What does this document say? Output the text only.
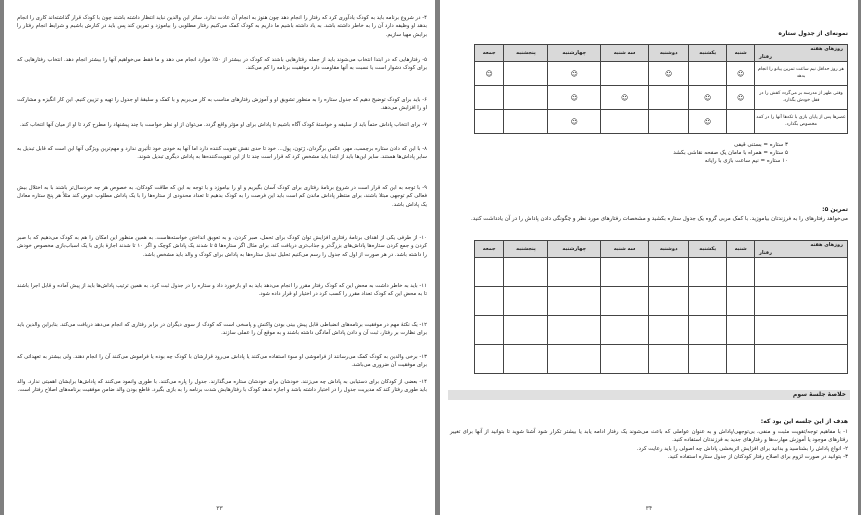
۴- در شروع برنامه باید به کودک یادآوری کرد که رفتار را انجام دهد چون هنوز به انجام آن عادت ندارد. سائر این والدین نباید انتظار داشته باشند چون با کودک قرار گذاشته‌اند کاری را انجام بدهد او وظیفه دارد آن را به خاطر داشته باشد. به یاد داشته باشیم ما داریم به کودک کمک می‌کنیم رفتار مطلوبی را بیاموزد و تمرین کند پس باید در کنارش باشیم و شرایط انجام رفتار را برایش مهیا سازیم.
۵- رفتارهایی که در ابتدا انتخاب می‌شوند باید از جمله رفتارهایی باشند که کودک در بیشتر از ۵۰٪ موارد انجام می دهد و ما فقط می‌خواهیم آنها را بیشتر انجام دهد. انتخاب رفتارهایی که برای کودک دشوار است یا نسبت به آنها مقاومت دارد موفقیت برنامه را کم می‌کند.
۶- باید برای کودک توضیح دهیم که جدول ستاره را به منظور تشویق او و آموزش رفتارهای مناسب به کار می‌بریم و با کمک و سلیقهٔ او جدول را تهیه و تزیین کنیم. این کار انگیزه و مشارکت او را افزایش می‌دهد.
۷- برای انتخاب پاداش حتماً باید از سلیقه و خواستهٔ کودک آگاه باشیم تا پاداش برای او مؤثر واقع گردد. می‌توان از او نظر خواست یا چند پیشنهاد را مطرح کرد تا او از میان آنها انتخاب کند.
۸- با این که دادن ستاره برچسب، مهر، عکس برگردان، ژتون، پول... خود تا حدی نقش تقویت کننده دارد اما آنها به خودی خود تأثیری ندارد و مهم‌ترین ویژگی آنها این است که قابل تبدیل به سایر پاداش‌ها هستند. سایر این‌ها باید از ابتدا باید مشخص کرد که قرار است چند تا از این تقویت‌کننده‌ها به پاداش دیگری تبدیل شوند.
۹- با توجه به این که قرار است در شروع برنامهٔ رفتاری برای کودک آسان بگیریم و او را بیاموزد و با توجه به این که طاقت کودکان، به خصوص هر چه خردسال‌تر باشند با به اختلال بیش فعالی کم توجهی مبتلا باشند، برای منتظر پاداش ماندن کم است باید این فرصت را به کودک بدهیم تا تعداد محدودی از ستاره‌ها را با یک پاداش مطلوب عوض کند مثلاً هر پنج ستاره معادل یک پاداش باشد.
۱۰- از طرفی یکی از اهداف برنامهٔ رفتاری افزایش توان کودک برای تحمل، صبر کردن، و به تعویق انداختن خواسته‌هاست. به همین منظور این امکان را هم به کودک می‌دهیم که با صبر کردن و جمع کردن ستاره‌ها پاداش‌های بزرگ‌تر و جذاب‌تری دریافت کند. برای مثال اگر ستاره‌ها ۵ تا شدند یک پاداش کوچک و اگر ۱۰ تا شدند اجازهٔ بازی با یک اسباب‌بازی مخصوص خودش را داشته باشد. در هر صورت از اول که جدول را رسم می‌کنیم تحلیل تبدیل ستاره‌ها به پاداش برای کودک و والد باید مشخص باشد.
۱۱- باید به خاطر داشت به محض این که کودک رفتار مقرر را انجام می‌دهد باید به او بازخورد داد و ستاره را در جدول ثبت کرد. به همین ترتیب پاداش‌ها باید از پیش آماده و قابل اجرا باشند تا به محض این که کودک تعداد مقرر را کسب کرد در اختیار او قرار داده شود.
۱۲- یک نکتهٔ مهم در موفقیت برنامه‌های انضباطی قابل پیش بینی بودن واکنش و پاسخی است که کودک از سوی دیگران در برابر رفتاری که انجام می‌دهد دریافت می‌کند. بنابراین والدین باید برای نظارت بر رفتار، ثبت آن و دادن پاداش آمادگی داشته باشند و به موقع آن را عملی سازند.
۱۳- برخی والدین به کودک کمک می‌رسانند از فراموشی او سوء استفاده می‌کنند یا پاداش می‌رود قرارشان با کودک چه بوده یا فراموش می‌کنند آن را انجام دهند. ولی بیشتر به تعهداتی که برای موفقیت آن ضروری می‌باشد.
۱۴- بعضی از کودکان برای دستیابی به پاداش چه می‌زنند. خودشان برای خودشان ستاره می‌گذارند. جدول را پاره می‌کنند. با طوری وانمود می‌کنند که پاداش‌ها برایشان اهمیتی ندارد. والد باید طوری رفتار کند که مدیریت جدول را در اختیار داشته باشد و اجازه ندهد کودک با رفتارهایش شدت برنامه را به بازی بگیرد. قاطع بودن والد ضامن موفقیت برنامه‌های اصلاح رفتار است.
۳۳
نمونه‌ای از جدول ستاره
روزهای هفته
رفتار	شنبه	یکشنبه	دوشنبه	سه شنبه	چهارشنبه	پنجشنبه	جمعه
هر روز حداقل نیم ساعت تمرین پیانو را انجام بدهد	☺		☺		☺		☺
وقتی ظهر از مدرسه بر می‌گردد کفش را در قفل خودش بگذارد.	☺	☺		☺	☺		
عصرها پس از پایان بازی با تکه‌ها آنها را در کمد مخصوص بگذارد.		☺			☺		
۳ ستاره = بستنی قیفی
۵ ستاره = همراه با مامان یک صفحه نقاشی بکشد
۱۰ ستاره = نیم ساعت بازی با رایانه
تمرین ۵:
می‌خواهد رفتارهای را به فرزندتان بیاموزید. با کمک مربی گروه یک جدول ستاره بکشید و مشخصات رفتارهای مورد نظر و چگونگی دادن پاداش را در آن یادداشت کنید.
روزهای هفته
رفتار	شنبه	یکشنبه	دوشنبه	سه شنبه	چهارشنبه	پنجشنبه	جمعه

خلاصهٔ جلسهٔ سوم
هدف از این جلسه این بود که:
۱- با مفاهیم توجه/تقویت مثبت و منفی، بی‌توجهی/پاداش و به عنوان عواملی که باعث می‌شوند یک رفتار ادامه یابد یا بیشتر تکرار شود آشنا شوید تا بتوانید از آنها برای تغییر رفتارهای موجود یا آموزش مهارت‌ها و رفتارهای جدید به فرزندتان استفاده کنید.
۲- انواع پاداش را بشناسید و بدانید برای افزایش اثربخشی پاداش چه اصولی را باید رعایت کرد.
۳- بتوانید در صورت لزوم برای اصلاح رفتار کودکتان از جدول ستاره استفاده کنید.
۳۴
